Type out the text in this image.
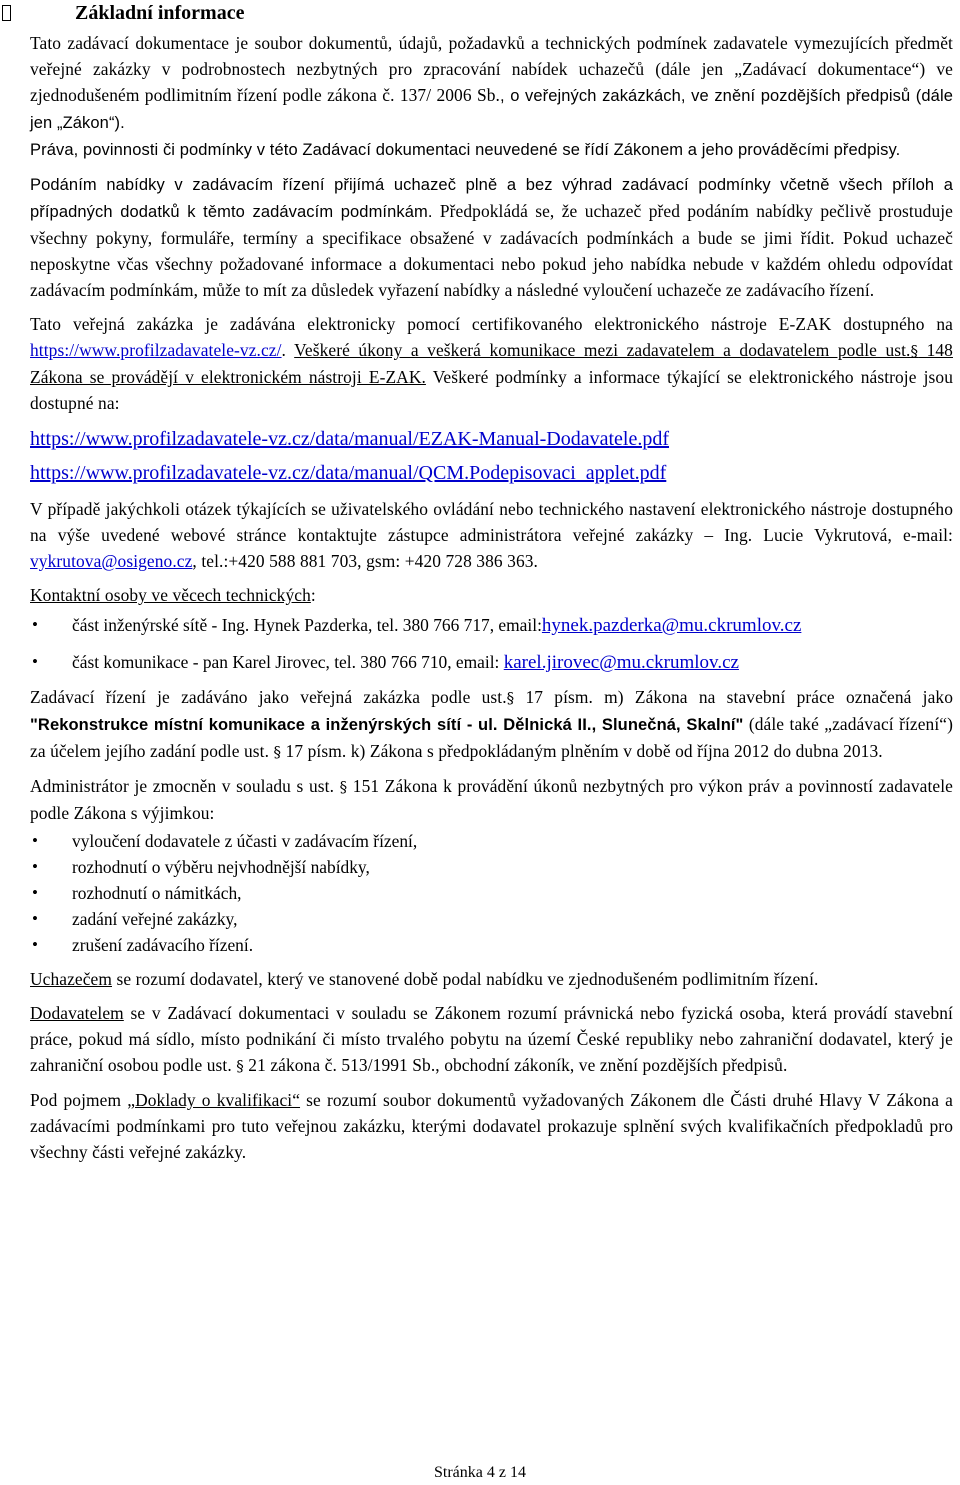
Základní informace

Tato zadávací dokumentace je soubor dokumentů, údajů, požadavků a technických podmínek zadavatele vymezujících předmět veřejné zakázky v podrobnostech nezbytných pro zpracování nabídek uchazečů (dále jen „Zadávací dokumentace“) ve zjednodušeném podlimitním řízení podle zákona č. 137/ 2006 Sb., o veřejných zakázkách, ve znění pozdějších předpisů (dále jen „Zákon“).
Práva, povinnosti či podmínky v této Zadávací dokumentaci neuvedené se řídí Zákonem a jeho prováděcími předpisy.

Podáním nabídky v zadávacím řízení přijímá uchazeč plně a bez výhrad zadávací podmínky včetně všech příloh a případných dodatků k těmto zadávacím podmínkám. Předpokládá se, že uchazeč před podáním nabídky pečlivě prostuduje všechny pokyny, formuláře, termíny a specifikace obsažené v zadávacích podmínkách a bude se jimi řídit. Pokud uchazeč neposkytne včas všechny požadované informace a dokumentaci nebo pokud jeho nabídka nebude v každém ohledu odpovídat zadávacím podmínkám, může to mít za důsledek vyřazení nabídky a následné vyloučení uchazeče ze zadávacího řízení.

Tato veřejná zakázka je zadávána elektronicky pomocí certifikovaného elektronického nástroje E-ZAK dostupného na https://www.profilzadavatele-vz.cz/. Veškeré úkony a veškerá komunikace mezi zadavatelem a dodavatelem podle ust.§ 148 Zákona se provádějí v elektronickém nástroji E-ZAK. Veškeré podmínky a informace týkající se elektronického nástroje jsou dostupné na:

https://www.profilzadavatele-vz.cz/data/manual/EZAK-Manual-Dodavatele.pdf
https://www.profilzadavatele-vz.cz/data/manual/QCM.Podepisovaci_applet.pdf

V případě jakýchkoli otázek týkajících se uživatelského ovládání nebo technického nastavení elektronického nástroje dostupného na výše uvedené webové stránce kontaktujte zástupce administrátora veřejné zakázky – Ing. Lucie Vykrutová, e-mail: vykrutova@osigeno.cz, tel.:+420 588 881 703, gsm: +420 728 386 363.

Kontaktní osoby ve věcech technických:

• část inženýrské sítě - Ing. Hynek Pazderka, tel. 380 766 717, email:hynek.pazderka@mu.ckrumlov.cz
• část komunikace - pan Karel Jirovec, tel. 380 766 710, email: karel.jirovec@mu.ckrumlov.cz

Zadávací řízení je zadáváno jako veřejná zakázka podle ust.§ 17 písm. m) Zákona na stavební práce označená jako "Rekonstrukce místní komunikace a inženýrských sítí - ul. Dělnická II., Slunečná, Skalní" (dále také „zadávací řízení“) za účelem jejího zadání podle ust. § 17 písm. k) Zákona s předpokládaným plněním v době od října 2012 do dubna 2013.

Administrátor je zmocněn v souladu s ust. § 151 Zákona k provádění úkonů nezbytných pro výkon práv a povinností zadavatele podle Zákona s výjimkou:

• vyloučení dodavatele z účasti v zadávacím řízení,
• rozhodnutí o výběru nejvhodnější nabídky,
• rozhodnutí o námitkách,
• zadání veřejné zakázky,
• zrušení zadávacího řízení.

Uchazečem se rozumí dodavatel, který ve stanovené době podal nabídku ve zjednodušeném podlimitním řízení.

Dodavatelem se v Zadávací dokumentaci v souladu se Zákonem rozumí právnická nebo fyzická osoba, která provádí stavební práce, pokud má sídlo, místo podnikání či místo trvalého pobytu na území České republiky nebo zahraniční dodavatel, který je zahraniční osobou podle ust. § 21 zákona č. 513/1991 Sb., obchodní zákoník, ve znění pozdějších předpisů.

Pod pojmem „Doklady o kvalifikaci“ se rozumí soubor dokumentů vyžadovaných Zákonem dle Části druhé Hlavy V Zákona a zadávacími podmínkami pro tuto veřejnou zakázku, kterými dodavatel prokazuje splnění svých kvalifikačních předpokladů pro všechny části veřejné zakázky.

Stránka 4 z 14
